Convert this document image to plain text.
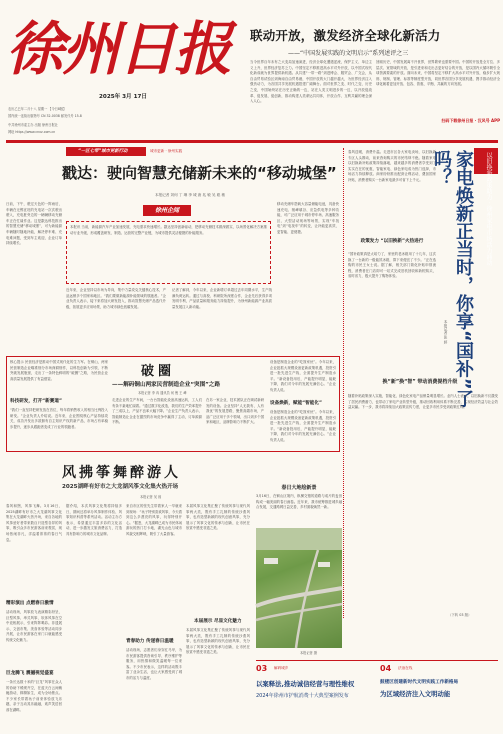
徐州日报
2025年 3月 17日
农历乙巳年二月十八 星期一 【今日8版】
国内统一连续出版物号 CN 32-0038 邮发代号 15-8
中共徐州市委主办 出版 徐州日报社
网址 https://www.cnxz.com.cn
联动开放，激发经济全球化新活力
——“中国发展实践的文明启示”系列述评之三
当今世界百年未有之大变局加速演进，经济全球化遭遇逆流，保护主义、单边主义上升，世界经济复苏乏力。中国坚定不移推进高水平对外开放，以中国式现代化新成就为世界提供新机遇。从共建“一带一路”到进博会、服贸会、广交会，从自由贸易试验区到海南自由贸易港，中国开放的大门越开越大，为世界经济注入强劲动力，为各国共享发展机遇搭建广阔舞台。面对世界之变、时代之变、历史之变，中国始终站在历史正确的一边，站在人类文明进步的一边，以开放促改革、促发展、促创新，推动构建人类命运共同体，开放合作、互利共赢的理念深入人心。
回顾历史，中国发展离不开世界，世界繁荣也需要中国。中国的开放是全方位、多层次、宽领域的开放，是引进来和走出去更好结合的开放，是以国内大循环吸引全球资源要素的开放。面向未来，中国将坚定不移扩大高水平对外开放，稳步扩大规则、规制、管理、标准等制度型开放，同世界各国分享发展机遇，携手推动经济全球化朝着更加开放、包容、普惠、平衡、共赢的方向发展。
扫码下载徐州日报 · 汉风号 APP
“一区七带”城市更新行动	城市更新 · 徐州实践
戳达：驶向智慧充储新未来的“移动城堡”
本报记者 刘何 丁 琳 李 城 唐 兆 敏 吴 聪 敏
徐州企闻
本报讯 当前，新能源汽车产业加速发展，充电需求快速增长。戳达坚持创新驱动，把移动充储技术做深做实，以场景化解决方案推动行业升级，形成覆盖研发、制造、运营的完整产业链，为城市提供灵活便捷的补能服务。
日前，下午，驶过天色的一阵雨后，车辆在无锡宜旺的充电站一次次驶出驶入，充电桩旁边的一辆辆移动充储车正在忙碌作业。这是戳达科技推出的智慧充储“移动城堡”，可为新能源车辆随时随地补能，解决停车难、充电难问题，受到车主欢迎，企业订单持续增长。
近年来，企业坚持以市场为导向，集中力量攻克关键核心技术，产品远销多个国家和地区。“我们要做新能源补能领域的领跑者。”企业负责人表示，接下来将加大研发投入，推动智慧充储产品迭代升级，拓展更多应用场景，助力城市绿色低碳发展。
记者了解到，今年以来，企业新增订单超过去年同期水平，生产线满负荷运转。通过与高校、科研院所深度合作，企业先后获得多项发明专利，产品质量和服务能力持续提升，为徐州新能源产业高质量发展注入新动能。
移动充储车搭载大容量储能电池，具备快速充电、削峰填谷、应急供电等多种功能，可广泛应用于城市停车场、高速服务区、大型活动现场等场景，实现“车找电”到“电找车”的转变，让补能更高效、更智能、更便捷。	以旧换新政策助力 · 徐州家电市场活力涌动
家电焕新正当时，你享“国补”了吗？
本报记者 张 婷
春风送暖，消费升温。走进市区各大家电卖场，以旧换新专区人头攒动，前来咨询购买的市民络绎不绝。随着家电以旧换新补贴政策持续落地，越来越多的消费者享受到了实实在在的优惠，智能家电、绿色家电成为热门选择，市场活力持续释放。商家纷纷推出配套让利活动，叠加国家补贴，消费者购买一台新家电最多可省下上千元。
政策发力 “以旧换新”火热进行
“国补政策真是太给力了，家里的老冰箱用了十几年，这次换了一台新的一级能效冰箱，算下来便宜了不少。”正在选购的市民王女士说。据了解，相关部门简化补贴申领流程，消费者在门店即可一站式完成旧机回收和新机购买，省时省力，极大提升了购物体验。
换“新”换“智” 带动消费提档升级
随着补贴政策深入实施，智能化、绿色化家电产品销量明显增长。业内人士表示，以旧换新不仅激发了居民消费潜力，也带动了家电产业转型升级，推动回收利用体系不断完善，实现经济效益与社会效益双赢。下一步，我市将持续加大政策宣传力度，让更多市民享受到政策红利。
（下转 03 版）
破圈
——解码铜山两家民营制造企业“突围”之路
本报记者 李 冉 通讯员 何 俊 王 峰
核心提示 民营经济是推动中国式现代化的生力军。在铜山，两家民营制造企业瞄准细分市场深耕细作，以科技创新为引领，不断突破发展瓶颈，走出了一条特色鲜明的“破圈”之路，为民营企业高质量发展提供了有益借鉴。
科技研发，打开“新赛道”
“我们一直坚持把研发放在首位，每年将销售收入的相当比例投入研发。”企业负责人介绍说。近年来，企业围绕核心产品持续攻关，成功开发出多款拥有自主知识产权的新产品，市场占有率稳步提升，逐步从跟跑者变成了行业的领跑者。
走进企业的生产车间，一台台智能化设备高速运转，工人们有条不紊地忙碌着。“通过数字化改造，我们的生产效率提升了三成以上，产品不良率大幅下降。”企业生产负责人表示，智能制造让企业在激烈的市场竞争中赢得了主动，订单源源不断。
在另一家企业，技术团队正在调试新研发的设备。企业坚持“人无我有、人有我优”的发展思路，聚焦高端市场，产品广泛应用于多个领域，出口到多个国家和地区，品牌影响力不断扩大。
设备是制造企业的“吃饭家伙”。今年以来，企业抢抓大规模设备更新政策机遇，投资引进一批先进生产线，全面提升生产制造水平。“新设备投用后，产能提升明显，能耗下降，我们对今年的发展充满信心。”企业负责人说。
设备焕新，赋能“智能化”
设备是制造企业的“吃饭家伙”。今年以来，企业抢抓大规模设备更新政策机遇，投资引进一批先进生产线，全面提升生产制造水平。“新设备投用后，产能提升明显，能耗下降，我们对今年的发展充满信心。”企业负责人说。
风拂筝舞醉游人
2025湖畔有好市之大龙湖风筝文化集火热开场
本报记者 吴 琼
春风和煦，风筝飞舞。3月16日，2025湖畔有好市之大龙湖风筝文化集在大龙湖畔火热开场，来自各地的风筝爱好者带来数百只造型各异的风筝，吸引众多市民游客前来观赏，现场热闹非凡，洋溢着浓浓的春日气息。
精彩演出 点燃春日激情
活动现场，风筝放飞表演精彩纷呈，巨型风筝、串式风筝、软体风筝在空中竞相展示，引来阵阵喝彩。非遗展示、文创市集、美食体验等活动同步开展，让市民游客在家门口就能感受传统文化魅力。
巨龙腾飞 震撼视觉盛宴
一条长达数十米的“巨龙”风筝在众人的协助下缓缓升空，在蓝天白云间蜿蜒游动，栩栩如生，成为全场焦点。不少家长带着孩子前来体验放飞乐趣，亲子互动其乐融融，欢声笑语回荡在湖畔。
据介绍，本次风筝文化集将持续多日，期间还将举办风筝制作体验、风筝知识科普等系列活动。活动主办方表示，希望通过丰富多彩的文化活动，进一步激发文旅消费活力，打造具有影响力的城市文化品牌。
来自市区的张先生带着家人一早就来到现场：“孩子特别喜欢风筝，今天看到这么多漂亮的风筝，玩得特别开心。”据悉，大龙湖畔已成为市民休闲游玩的热门打卡地，湖光山色与城市风貌交相辉映，吸引了大量游客。
青春助力 传递春日温暖
活动现场，志愿者们身穿红马甲，为市民游客提供咨询引导、秩序维护等服务，用热情和微笑温暖每一位来客。不少市民表示，这样的活动既丰富了业余生活，也让大家感受到了城市的活力与温度。
本届风筝文化集汇聚了传统风筝与现代风筝两大类，既有手工扎制的传统沙燕风筝，也有造型新颖的现代创意风筝，充分展示了风筝文化的传承与创新，让市民在欣赏中感受非遗之美。
本届展示 尽显文化魅力
本届风筝文化集汇聚了传统风筝与现代风筝两大类，既有手工扎制的传统沙燕风筝，也有造型新颖的现代创意风筝，充分展示了风筝文化的传承与创新，让市民在欣赏中感受非遗之美。
春日大地绘新景
3月16日，在铜山区境内，纵横交错的道路与成片的麦田构成一幅美丽的春日画卷。近年来，我市统筹推进城乡融合发展，交通路网日益完善，乡村面貌焕然一新。
本报记者 摄
03	解码城乡
以案释法,推动诚信经营与理性维权
2024年徐州市护航消费十大典型案例发布
04	法治在线
鼓楼区创建新时代文明实践工作新格局
为区域经济注入文明动能
